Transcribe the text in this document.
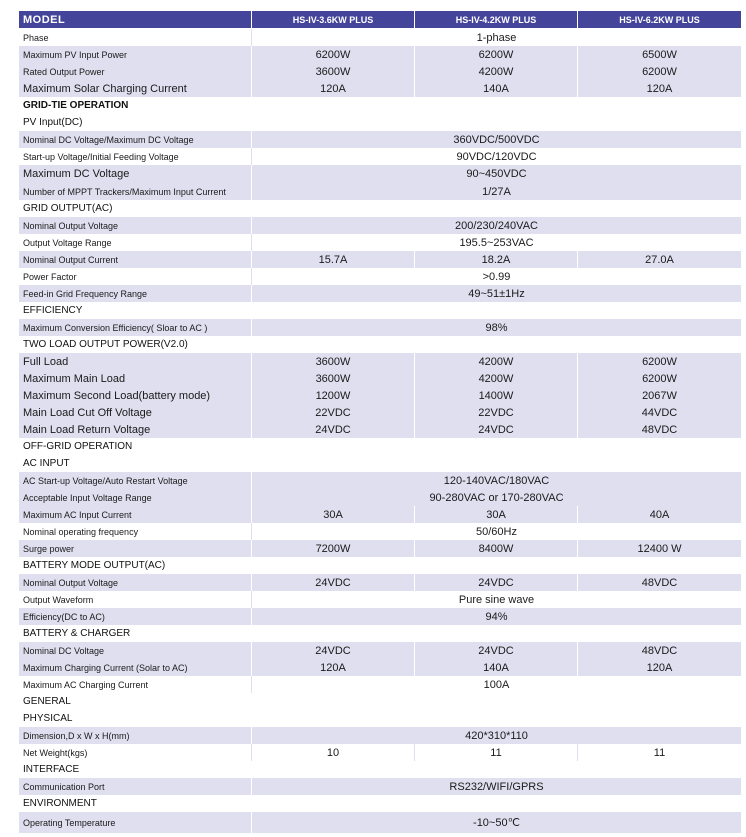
MODEL	HS-IV-3.6KW PLUS	HS-IV-4.2KW PLUS	HS-IV-6.2KW PLUS
Phase	1-phase
Maximum PV Input Power	6200W	6200W	6500W
Rated Output Power	3600W	4200W	6200W
Maximum Solar Charging Current	120A	140A	120A
GRID-TIE OPERATION
PV Input(DC)
Nominal DC Voltage/Maximum DC Voltage	360VDC/500VDC
Start-up Voltage/Initial Feeding Voltage	90VDC/120VDC
Maximum DC Voltage	90~450VDC
Number of MPPT Trackers/Maximum Input Current	1/27A
GRID OUTPUT(AC)
Nominal Output Voltage	200/230/240VAC
Output Voltage Range	195.5~253VAC
Nominal Output Current	15.7A	18.2A	27.0A
Power Factor	>0.99
Feed-in Grid Frequency Range	49~51±1Hz
EFFICIENCY
Maximum Conversion Efficiency( Sloar to AC )	98%
TWO LOAD OUTPUT POWER(V2.0)
Full Load	3600W	4200W	6200W
Maximum Main Load	3600W	4200W	6200W
Maximum Second Load(battery mode)	1200W	1400W	2067W
Main Load Cut Off Voltage	22VDC	22VDC	44VDC
Main Load Return Voltage	24VDC	24VDC	48VDC
OFF-GRID OPERATION
AC INPUT
AC Start-up Voltage/Auto Restart Voltage	120-140VAC/180VAC
Acceptable Input Voltage Range	90-280VAC or 170-280VAC
Maximum AC Input Current	30A	30A	40A
Nominal operating frequency	50/60Hz
Surge power	7200W	8400W	12400 W
BATTERY MODE OUTPUT(AC)
Nominal Output Voltage	24VDC	24VDC	48VDC
Output Waveform	Pure sine wave
Efficiency(DC to AC)	94%
BATTERY & CHARGER
Nominal DC Voltage	24VDC	24VDC	48VDC
Maximum Charging Current (Solar to AC)	120A	140A	120A
Maximum AC Charging Current	100A
GENERAL
PHYSICAL
Dimension,D x W x H(mm)	420*310*110
Net Weight(kgs)	10	11	11
INTERFACE
Communication Port	RS232/WIFI/GPRS
ENVIRONMENT
Operating Temperature	-10~50℃
